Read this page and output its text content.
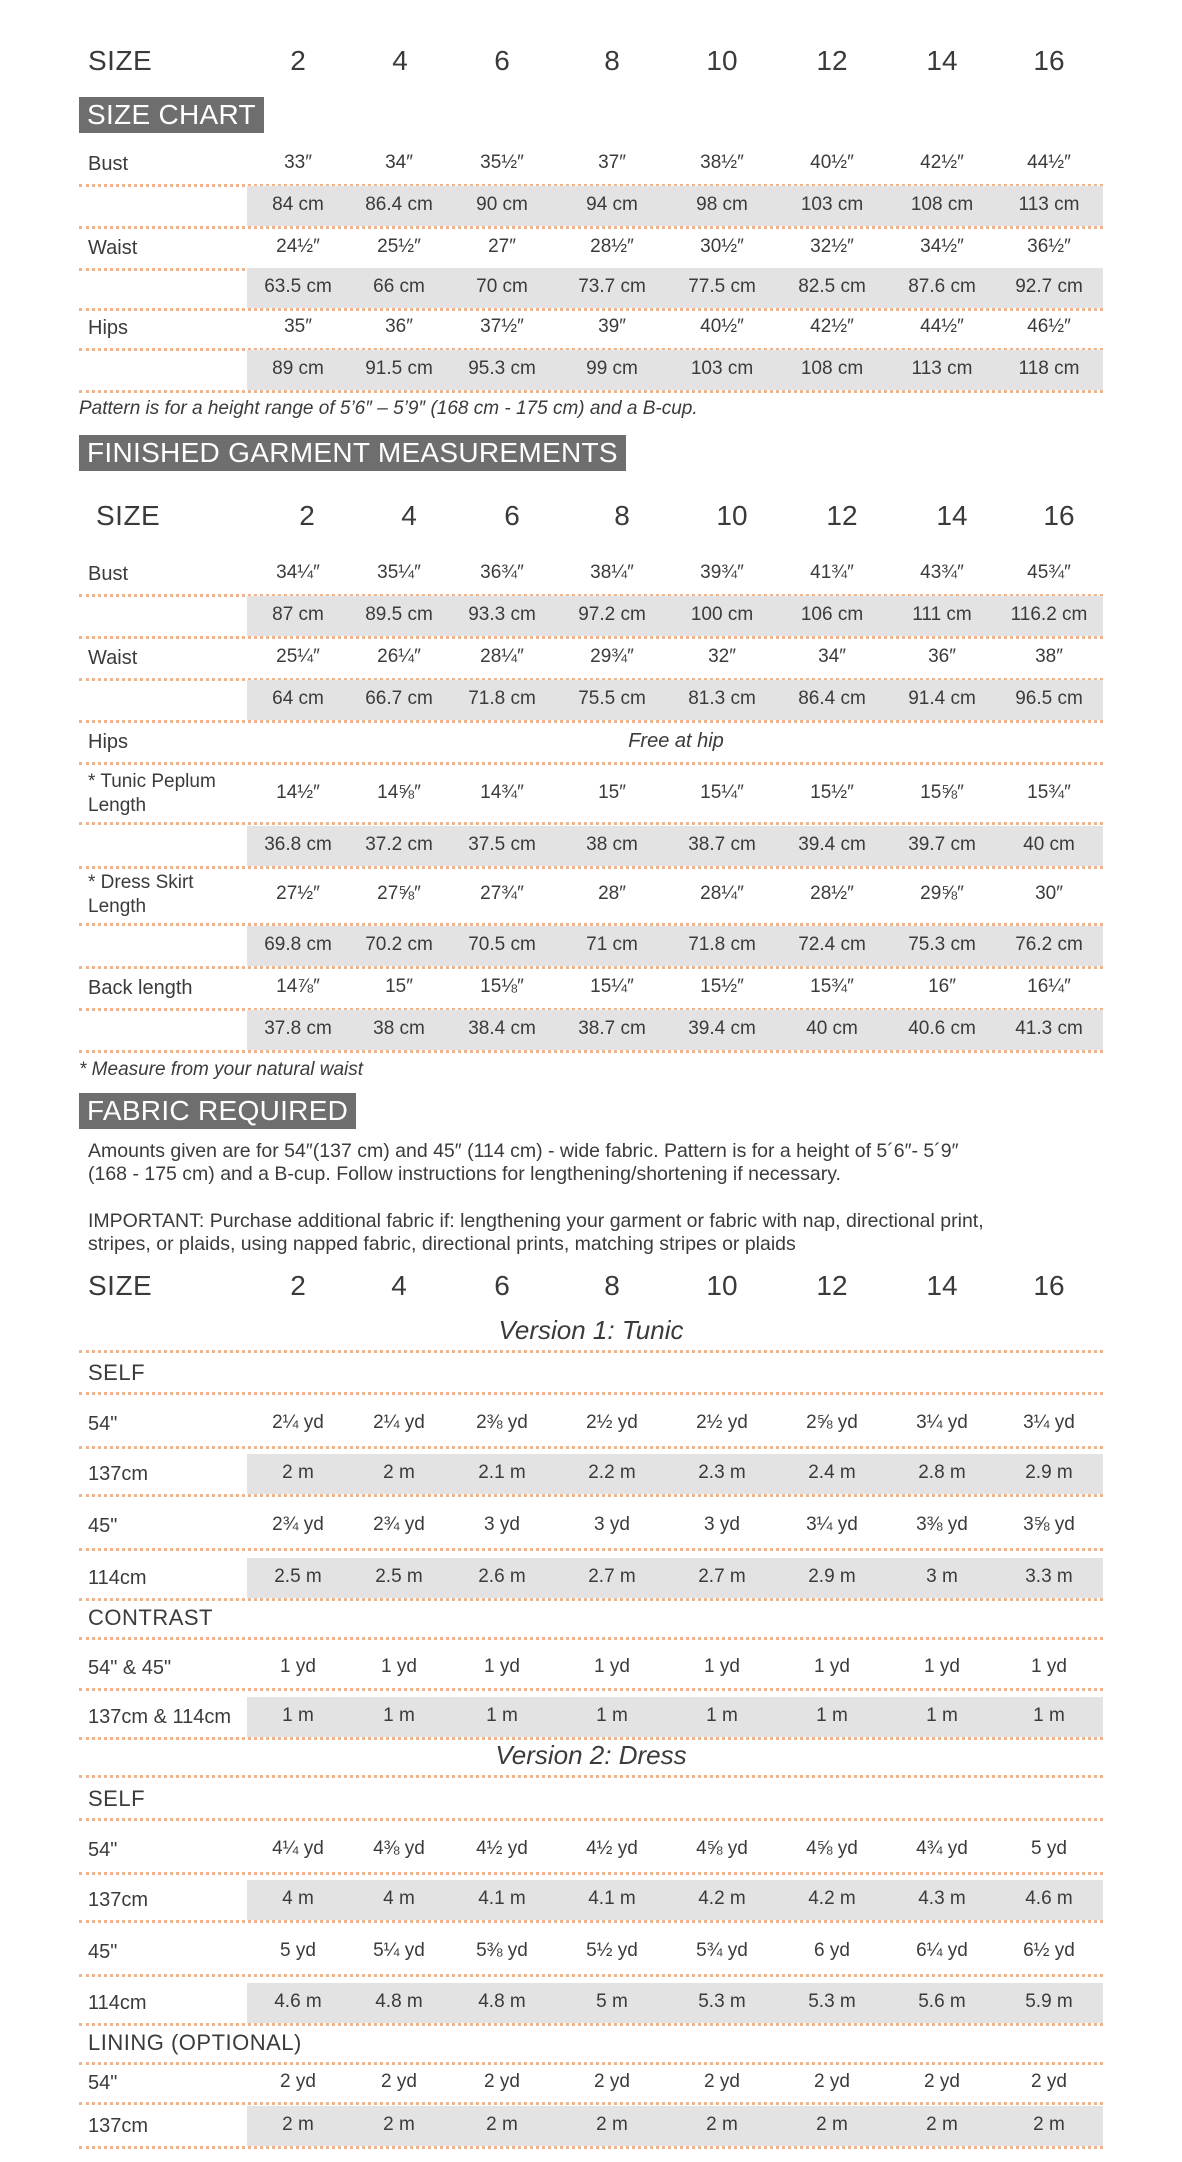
SIZE	2	4	6	8	10	12	14	16
SIZE CHART
Bust	33″	34″	35½″	37″	38½″	40½″	42½″	44½″
84 cm 86.4 cm 90 cm	94 cm	98 cm	103 cm	108 cm 113 cm
Waist	24½″	25½″	27″	28½″	30½″	32½″	34½″	36½″
63.5 cm 66 cm	70 cm	73.7 cm 77.5 cm 82.5 cm 87.6 cm 92.7 cm
Hips	35″	36″	37½″	39″	40½″	42½″	44½″	46½″
89 cm 91.5 cm 95.3 cm	99 cm	103 cm	108 cm	113 cm 118 cm
Pattern is for a height range of 5’6″ – 5’9″ (168 cm - 175 cm) and a B-cup.
FINISHED GARMENT MEASUREMENTS
SIZE	2	4	6	8	10	12	14	16
Bust	34¼″	35¼″	36¾″	38¼″	39¾″	41¾″	43¾″	45¾″
87 cm 89.5 cm 93.3 cm 97.2 cm 100 cm	106 cm	111 cm 116.2 cm
Waist	25¼″	26¼″	28¼″	29¾″	32″	34″	36″	38″
64 cm 66.7 cm 71.8 cm 75.5 cm 81.3 cm 86.4 cm 91.4 cm 96.5 cm
Hips	Free at hip
* Tunic Peplum
Length
14½″	14⅝″	14¾″	15″	15¼″	15½″	15⅝″	15¾″
36.8 cm 37.2 cm 37.5 cm	38 cm	38.7 cm 39.4 cm 39.7 cm 40 cm
* Dress Skirt
Length
27½″	27⅝″	27¾″	28″	28¼″	28½″	29⅝″	30″
69.8 cm 70.2 cm 70.5 cm	71 cm	71.8 cm 72.4 cm 75.3 cm 76.2 cm
Back length	14⅞″	15″	15⅛″	15¼″	15½″	15¾″	16″	16¼″
37.8 cm 38 cm 38.4 cm 38.7 cm 39.4 cm	40 cm	40.6 cm 41.3 cm
* Measure from your natural waist
FABRIC REQUIRED
Amounts given are for 54″(137 cm) and 45″ (114 cm) - wide fabric. Pattern is for a height of 5´6″- 5´9″
(168 - 175 cm) and a B-cup. Follow instructions for lengthening/shortening if necessary.
IMPORTANT: Purchase additional fabric if: lengthening your garment or fabric with nap, directional print,
stripes, or plaids, using napped fabric, directional prints, matching stripes or plaids
SIZE	2	4	6	8	10	12	14	16
Version 1: Tunic
SELF
54"	2¼ yd	2¼ yd	2⅜ yd	2½ yd	2½ yd	2⅝ yd	3¼ yd	3¼ yd
137cm	2 m	2 m	2.1 m	2.2 m	2.3 m	2.4 m	2.8 m	2.9 m
45"	2¾ yd	2¾ yd	3 yd	3 yd	3 yd	3¼ yd	3⅜ yd	3⅝ yd
114cm	2.5 m	2.5 m	2.6 m	2.7 m	2.7 m	2.9 m	3 m	3.3 m
CONTRAST
54" & 45"	1 yd	1 yd	1 yd	1 yd	1 yd	1 yd	1 yd	1 yd
137cm & 114cm	1 m	1 m	1 m	1 m	1 m	1 m	1 m	1 m
Version 2: Dress
SELF
54"	4¼ yd	4⅜ yd	4½ yd	4½ yd	4⅝ yd	4⅝ yd	4¾ yd	5 yd
137cm	4 m	4 m	4.1 m	4.1 m	4.2 m	4.2 m	4.3 m	4.6 m
45"	5 yd	5¼ yd	5⅜ yd	5½ yd	5¾ yd	6 yd	6¼ yd	6½ yd
114cm	4.6 m	4.8 m	4.8 m	5 m	5.3 m	5.3 m	5.6 m	5.9 m
LINING (OPTIONAL)
54"	2 yd	2 yd	2 yd	2 yd	2 yd	2 yd	2 yd	2 yd
137cm	2 m	2 m	2 m	2 m	2 m	2 m	2 m	2 m
